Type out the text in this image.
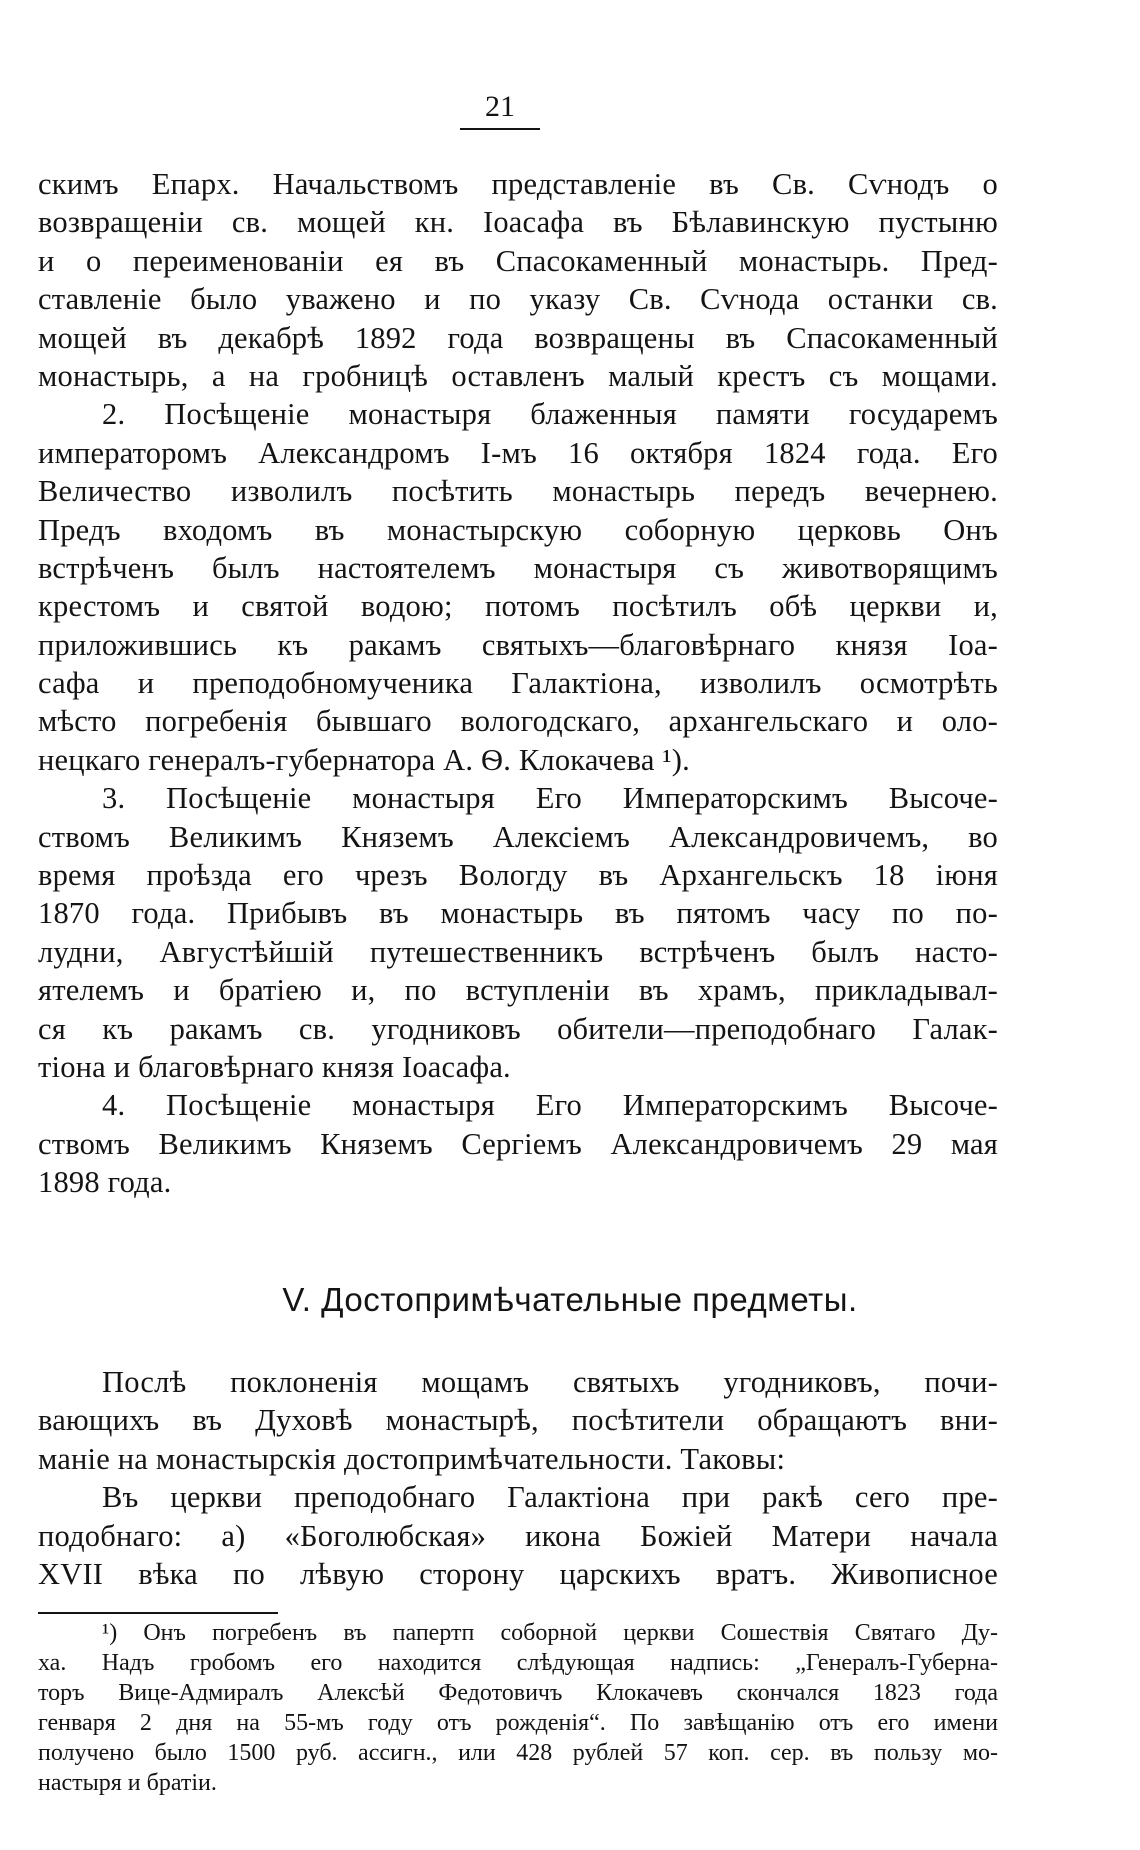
21
скимъ Епарх. Начальствомъ представленіе въ Св. Сѵнодъ о
возвращеніи св. мощей кн. Іоасафа въ Бѣлавинскую пустыню
и о переименованіи ея въ Спасокаменный монастырь. Пред-
ставленіе было уважено и по указу Св. Сѵнода останки св.
мощей въ декабрѣ 1892 года возвращены въ Спасокаменный
монастырь, а на гробницѣ оставленъ малый крестъ съ мощами.
2. Посѣщеніе монастыря блаженныя памяти государемъ
императоромъ Александромъ І-мъ 16 октября 1824 года. Его
Величество изволилъ посѣтить монастырь передъ вечернею.
Предъ входомъ въ монастырскую соборную церковь Онъ
встрѣченъ былъ настоятелемъ монастыря съ животворящимъ
крестомъ и святой водою; потомъ посѣтилъ обѣ церкви и,
приложившись къ ракамъ святыхъ—благовѣрнаго князя Іоа-
сафа и преподобномученика Галактіона, изволилъ осмотрѣть
мѣсто погребенія бывшаго вологодскаго, архангельскаго и оло-
нецкаго генералъ-губернатора А. Ѳ. Клокачева ¹).
3. Посѣщеніе монастыря Его Императорскимъ Высоче-
ствомъ Великимъ Княземъ Алексіемъ Александровичемъ, во
время проѣзда его чрезъ Вологду въ Архангельскъ 18 іюня
1870 года. Прибывъ въ монастырь въ пятомъ часу по по-
лудни, Августѣйшій путешественникъ встрѣченъ былъ насто-
ятелемъ и братіею и, по вступленіи въ храмъ, прикладывал-
ся къ ракамъ св. угодниковъ обители—преподобнаго Галак-
тіона и благовѣрнаго князя Іоасафа.
4. Посѣщеніе монастыря Его Императорскимъ Высоче-
ствомъ Великимъ Княземъ Сергіемъ Александровичемъ 29 мая
1898 года.
V. Достопримѣчательные предметы.
Послѣ поклоненія мощамъ святыхъ угодниковъ, почи-
вающихъ въ Духовѣ монастырѣ, посѣтители обращаютъ вни-
маніе на монастырскія достопримѣчательности. Таковы:
Въ церкви преподобнаго Галактіона при ракѣ сего пре-
подобнаго: а) «Боголюбская» икона Божіей Матери начала
XVII вѣка по лѣвую сторону царскихъ вратъ. Живописное
¹) Онъ погребенъ въ папертп соборной церкви Сошествія Святаго Ду-
ха. Надъ гробомъ его находится слѣдующая надпись: „Генералъ-Губерна-
торъ Вице-Адмиралъ Алексѣй Федотовичъ Клокачевъ скончался 1823 года
генваря 2 дня на 55-мъ году отъ рожденія“. По завѣщанію отъ его имени
получено было 1500 руб. ассигн., или 428 рублей 57 коп. сер. въ пользу мо-
настыря и братіи.
